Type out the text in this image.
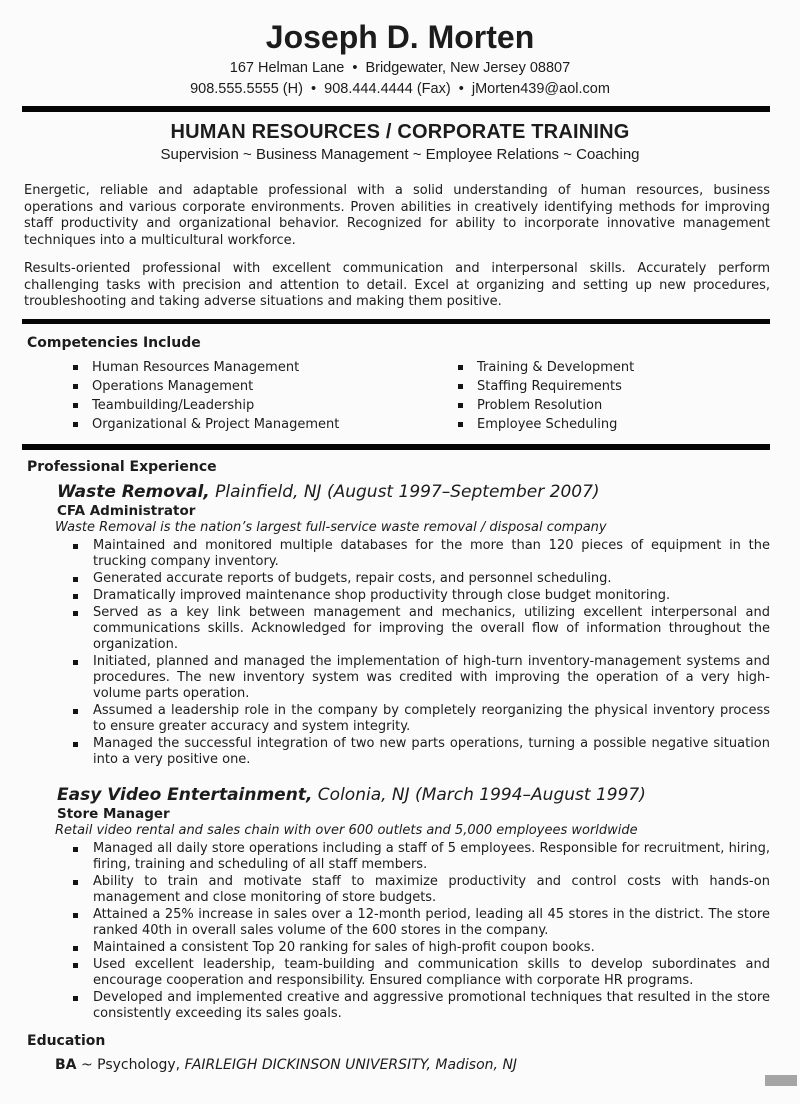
Joseph D. Morten
167 Helman Lane  •  Bridgewater, New Jersey 08807
908.555.5555 (H)  •  908.444.4444 (Fax)  •  jMorten439@aol.com
HUMAN RESOURCES / CORPORATE TRAINING
Supervision ~ Business Management ~ Employee Relations ~ Coaching

Energetic, reliable and adaptable professional with a solid understanding of human resources, business operations and various corporate environments. Proven abilities in creatively identifying methods for improving staff productivity and organizational behavior. Recognized for ability to incorporate innovative management techniques into a multicultural workforce.

Results-oriented professional with excellent communication and interpersonal skills. Accurately perform challenging tasks with precision and attention to detail. Excel at organizing and setting up new procedures, troubleshooting and taking adverse situations and making them positive.

Competencies Include
Human Resources Management
Operations Management
Teambuilding/Leadership
Organizational & Project Management
Training & Development
Staffing Requirements
Problem Resolution
Employee Scheduling
Professional Experience
Waste Removal, Plainfield, NJ (August 1997–September 2007)
CFA Administrator
Waste Removal is the nation’s largest full-service waste removal / disposal company
Maintained and monitored multiple databases for the more than 120 pieces of equipment in the trucking company inventory.
Generated accurate reports of budgets, repair costs, and personnel scheduling.
Dramatically improved maintenance shop productivity through close budget monitoring.
Served as a key link between management and mechanics, utilizing excellent interpersonal and communications skills. Acknowledged for improving the overall flow of information throughout the organization.
Initiated, planned and managed the implementation of high-turn inventory-management systems and procedures. The new inventory system was credited with improving the operation of a very high-volume parts operation.
Assumed a leadership role in the company by completely reorganizing the physical inventory process to ensure greater accuracy and system integrity.
Managed the successful integration of two new parts operations, turning a possible negative situation into a very positive one.
Easy Video Entertainment, Colonia, NJ (March 1994–August 1997)
Store Manager
Retail video rental and sales chain with over 600 outlets and 5,000 employees worldwide
Managed all daily store operations including a staff of 5 employees. Responsible for recruitment, hiring, firing, training and scheduling of all staff members.
Ability to train and motivate staff to maximize productivity and control costs with hands-on management and close monitoring of store budgets.
Attained a 25% increase in sales over a 12-month period, leading all 45 stores in the district. The store ranked 40th in overall sales volume of the 600 stores in the company.
Maintained a consistent Top 20 ranking for sales of high-profit coupon books.
Used excellent leadership, team-building and communication skills to develop subordinates and encourage cooperation and responsibility. Ensured compliance with corporate HR programs.
Developed and implemented creative and aggressive promotional techniques that resulted in the store consistently exceeding its sales goals.
Education
BA ~ Psychology, FAIRLEIGH DICKINSON UNIVERSITY, Madison, NJ
